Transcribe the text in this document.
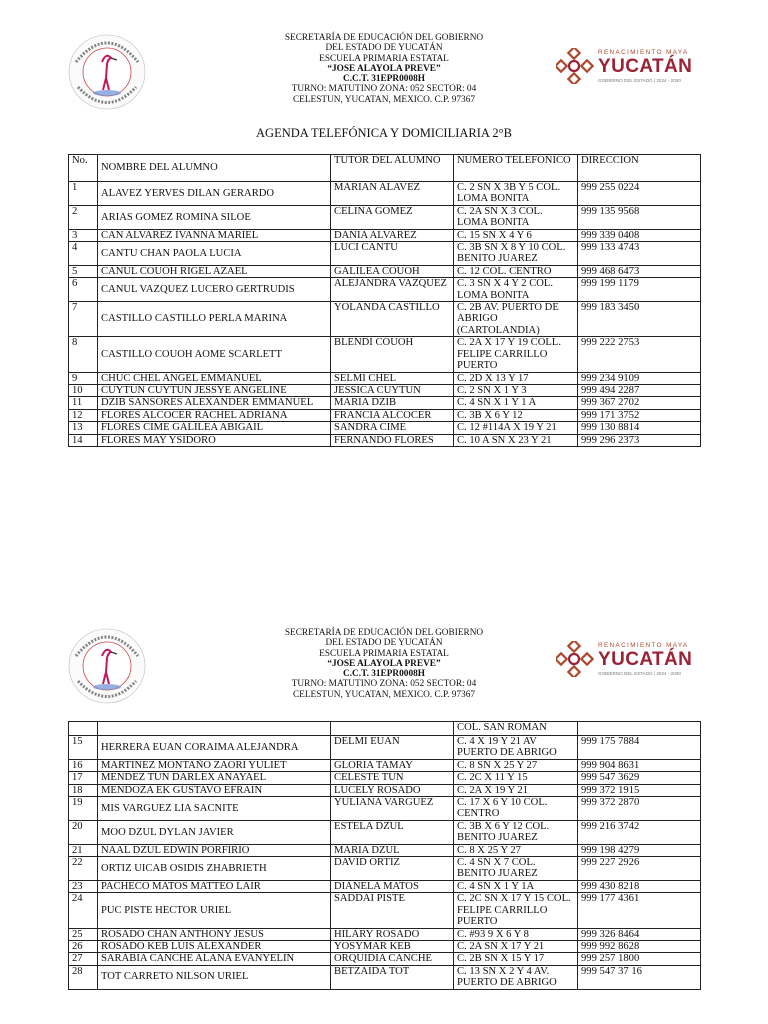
SECRETARÍA DE EDUCACIÓN DEL GOBIERNO
DEL ESTADO DE YUCATÁN
ESCUELA PRIMARIA ESTATAL
“JOSE ALAYOLA PREVE”
C.C.T. 31EPR0008H
TURNO: MATUTINO ZONA: 052 SECTOR: 04
CELESTUN, YUCATAN, MEXICO. C.P. 97367
RENACIMIENTO MAYA
YUCATÁN
GOBIERNO DEL ESTADO | 2024 - 2030
AGENDA TELEFÓNICA Y DOMICILIARIA 2°B
No.	NOMBRE DEL ALUMNO	TUTOR DEL ALUMNO	NÚMERO TÉLEFONICO	DIRECCIÓN
1	ALAVEZ YERVES DILAN GERARDO	MARIAN ALAVEZ	C. 2 SN X 3B Y 5 COL. LOMA BONITA	999 255 0224
2	ARIAS GOMEZ ROMINA SILOE	CELINA GOMEZ	C. 2A SN X 3 COL. LOMA BONITA	999 135 9568
3	CAN ALVAREZ IVANNA MARIEL	DANIA ALVAREZ	C. 15 SN X 4 Y 6	999 339 0408
4	CANTU CHAN PAOLA LUCIA	LUCI CANTU	C. 3B SN X 8 Y 10 COL. BENITO JUAREZ	999 133 4743
5	CANUL COUOH RIGEL AZAEL	GALILEA COUOH	C. 12 COL. CENTRO	999 468 6473
6	CANUL VAZQUEZ LUCERO GERTRUDIS	ALEJANDRA VAZQUEZ	C. 3 SN X 4 Y 2 COL. LOMA BONITA	999 199 1179
7	CASTILLO CASTILLO PERLA MARINA	YOLANDA CASTILLO	C. 2B AV. PUERTO DE ABRIGO (CARTOLANDIA)	999 183 3450
8	CASTILLO COUOH AOME SCARLETT	BLENDI COUOH	C. 2A X 17 Y 19 COLL. FELIPE CARRILLO PUERTO	999 222 2753
9	CHUC CHEL ANGEL EMMANUEL	SELMI CHEL	C. 2D X 13 Y 17	999 234 9109
10	CUYTUN CUYTUN JESSYE ANGELINE	JESSICA CUYTUN	C. 2 SN X 1 Y 3	999 494 2287
11	DZIB SANSORES ALEXANDER EMMANUEL	MARIA DZIB	C. 4 SN X 1 Y 1 A	999 367 2702
12	FLORES ALCOCER RACHEL ADRIANA	FRANCIA ALCOCER	C. 3B X 6 Y 12	999 171 3752
13	FLORES CIME GALILEA ABIGAIL	SANDRA CIME	C. 12 #114A X 19 Y 21	999 130 8814
14	FLORES MAY YSIDORO	FERNANDO FLORES	C. 10 A SN X 23 Y 21	999 296 2373
SECRETARÍA DE EDUCACIÓN DEL GOBIERNO
DEL ESTADO DE YUCATÁN
ESCUELA PRIMARIA ESTATAL
“JOSE ALAYOLA PREVE”
C.C.T. 31EPR0008H
TURNO: MATUTINO ZONA: 052 SECTOR: 04
CELESTUN, YUCATAN, MEXICO. C.P. 97367
RENACIMIENTO MAYA
YUCATÁN
GOBIERNO DEL ESTADO | 2024 - 2030
			COL. SAN ROMAN	
15	HERRERA EUAN CORAIMA ALEJANDRA	DELMI EUAN	C. 4 X 19 Y 21 AV PUERTO DE ABRIGO	999 175 7884
16	MARTINEZ MONTAÑO ZAORI YULIET	GLORIA TAMAY	C. 8 SN X 25 Y 27	999 904 8631
17	MENDEZ TUN DARLEX ANAYAEL	CELESTE TUN	C. 2C X 11 Y 15	999 547 3629
18	MENDOZA EK GUSTAVO EFRAIN	LUCELY ROSADO	C. 2A X 19 Y 21	999 372 1915
19	MIS VARGUEZ LIA SACNITE	YULIANA VARGUEZ	C. 17 X 6 Y 10 COL. CENTRO	999 372 2870
20	MOO DZUL DYLAN JAVIER	ESTELA DZUL	C. 3B X 6 Y 12 COL. BENITO JUAREZ	999 216 3742
21	NAAL DZUL EDWIN PORFIRIO	MARIA DZUL	C. 8 X 25 Y 27	999 198 4279
22	ORTIZ UICAB OSIDIS ZHABRIETH	DAVID ORTIZ	C. 4 SN X 7 COL. BENITO JUAREZ	999 227 2926
23	PACHECO MATOS MATTEO LAIR	DIANELA MATOS	C. 4 SN X 1 Y 1A	999 430 8218
24	PUC PISTE HECTOR URIEL	SADDAI PISTE	C. 2C SN X 17 Y 15 COL. FELIPE CARRILLO PUERTO	999 177 4361
25	ROSADO CHAN ANTHONY JESUS	HILARY ROSADO	C. #93 9 X 6 Y 8	999 326 8464
26	ROSADO KEB LUIS ALEXANDER	YOSYMAR KEB	C. 2A SN X 17 Y 21	999 992 8628
27	SARABIA CANCHE ALANA EVANYELIN	ORQUIDIA CANCHE	C. 2B SN X 15 Y 17	999 257 1800
28	TOT CARRETO NILSON URIEL	BETZAIDA TOT	C. 13 SN X 2 Y 4 AV. PUERTO DE ABRIGO	999 547 37 16
